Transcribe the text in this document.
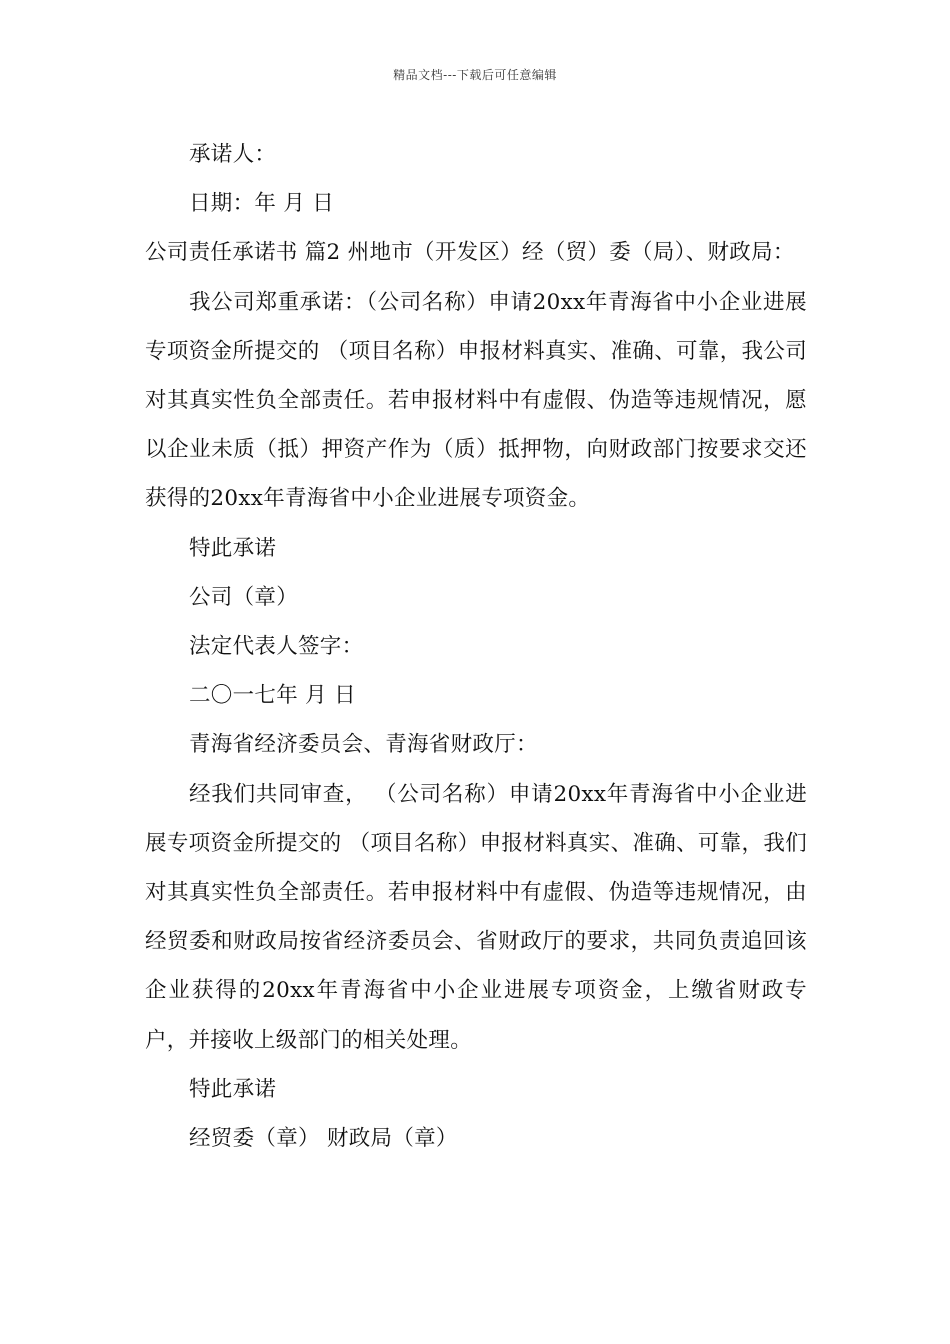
精品文档---下载后可任意编辑

承诺人：

日期：年 月 日

公司责任承诺书 篇2 州地市（开发区）经（贸）委（局）、财政局：

我公司郑重承诺：（公司名称）申请20xx年青海省中小企业进展专项资金所提交的 （项目名称）申报材料真实、准确、可靠，我公司对其真实性负全部责任。若申报材料中有虚假、伪造等违规情况，愿以企业未质（抵）押资产作为（质）抵押物，向财政部门按要求交还获得的20xx年青海省中小企业进展专项资金。

特此承诺

公司（章）

法定代表人签字：

二〇一七年 月 日

青海省经济委员会、青海省财政厅：

经我们共同审查， （公司名称）申请20xx年青海省中小企业进展专项资金所提交的 （项目名称）申报材料真实、准确、可靠，我们对其真实性负全部责任。若申报材料中有虚假、伪造等违规情况，由 经贸委和财政局按省经济委员会、省财政厅的要求，共同负责追回该企业获得的20xx年青海省中小企业进展专项资金，上缴省财政专户，并接收上级部门的相关处理。

特此承诺

经贸委（章） 财政局（章）
